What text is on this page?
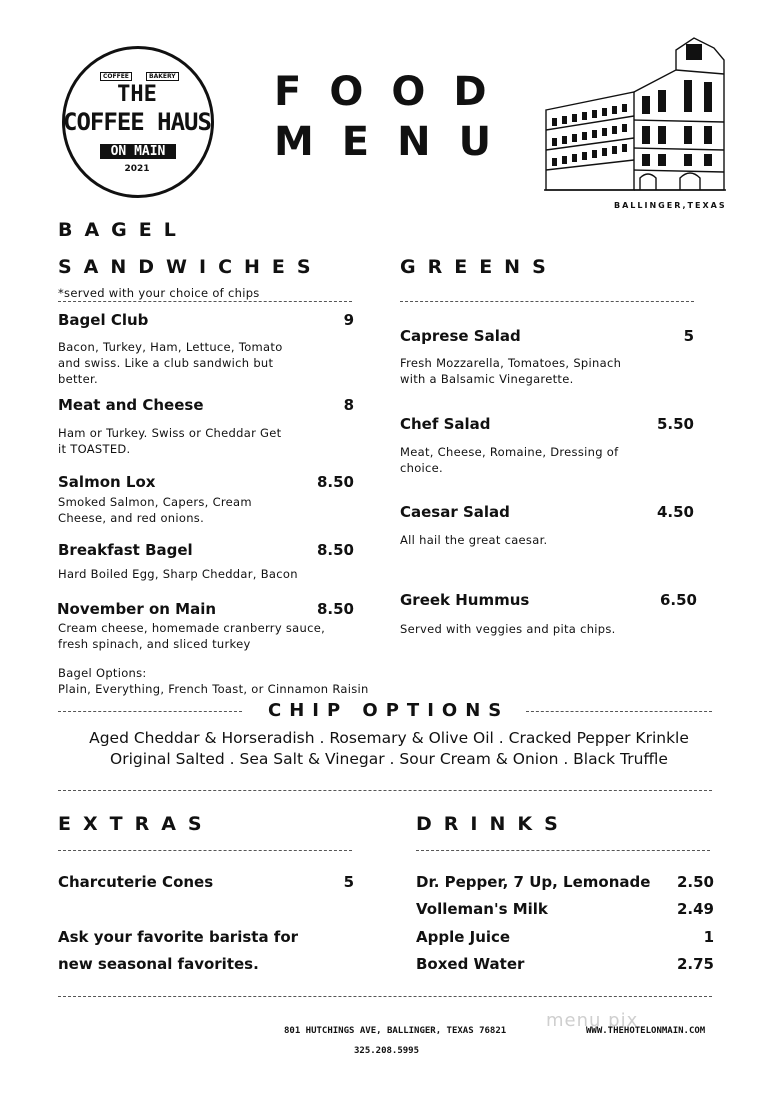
COFFEE	BAKERY
THE
COFFEE HAUS
ON MAIN
2021
FOOD
MENU
BALLINGER,TEXAS
BAGEL
SANDWICHES
*served with your choice of chips
Bagel Club	9
Bacon, Turkey, Ham, Lettuce, Tomato and swiss. Like a club sandwich but better.
Meat and Cheese	8
Ham or Turkey. Swiss or Cheddar Get it TOASTED.
Salmon Lox	8.50
Smoked Salmon, Capers, Cream Cheese, and red onions.
Breakfast Bagel	8.50
Hard Boiled Egg, Sharp Cheddar, Bacon
November on Main	8.50
Cream cheese, homemade cranberry sauce, fresh spinach, and sliced turkey
Bagel Options:
Plain, Everything, French Toast, or Cinnamon Raisin
GREENS
Caprese Salad	5
Fresh Mozzarella, Tomatoes, Spinach with a Balsamic Vinegarette.
Chef Salad	5.50
Meat, Cheese, Romaine, Dressing of choice.
Caesar Salad	4.50
All hail the great caesar.
Greek Hummus	6.50
Served with veggies and pita chips.
CHIP OPTIONS
Aged Cheddar & Horseradish . Rosemary & Olive Oil . Cracked Pepper Krinkle
Original Salted . Sea Salt & Vinegar . Sour Cream & Onion . Black Truffle
EXTRAS
Charcuterie Cones	5
Ask your favorite barista for
new seasonal favorites.
DRINKS
Dr. Pepper, 7 Up, Lemonade	2.50
Volleman's Milk	2.49
Apple Juice	1
Boxed Water	2.75
801 HUTCHINGS AVE, BALLINGER, TEXAS 76821 menu pix
WWW.THEHOTELONMAIN.COM
325.208.5995
